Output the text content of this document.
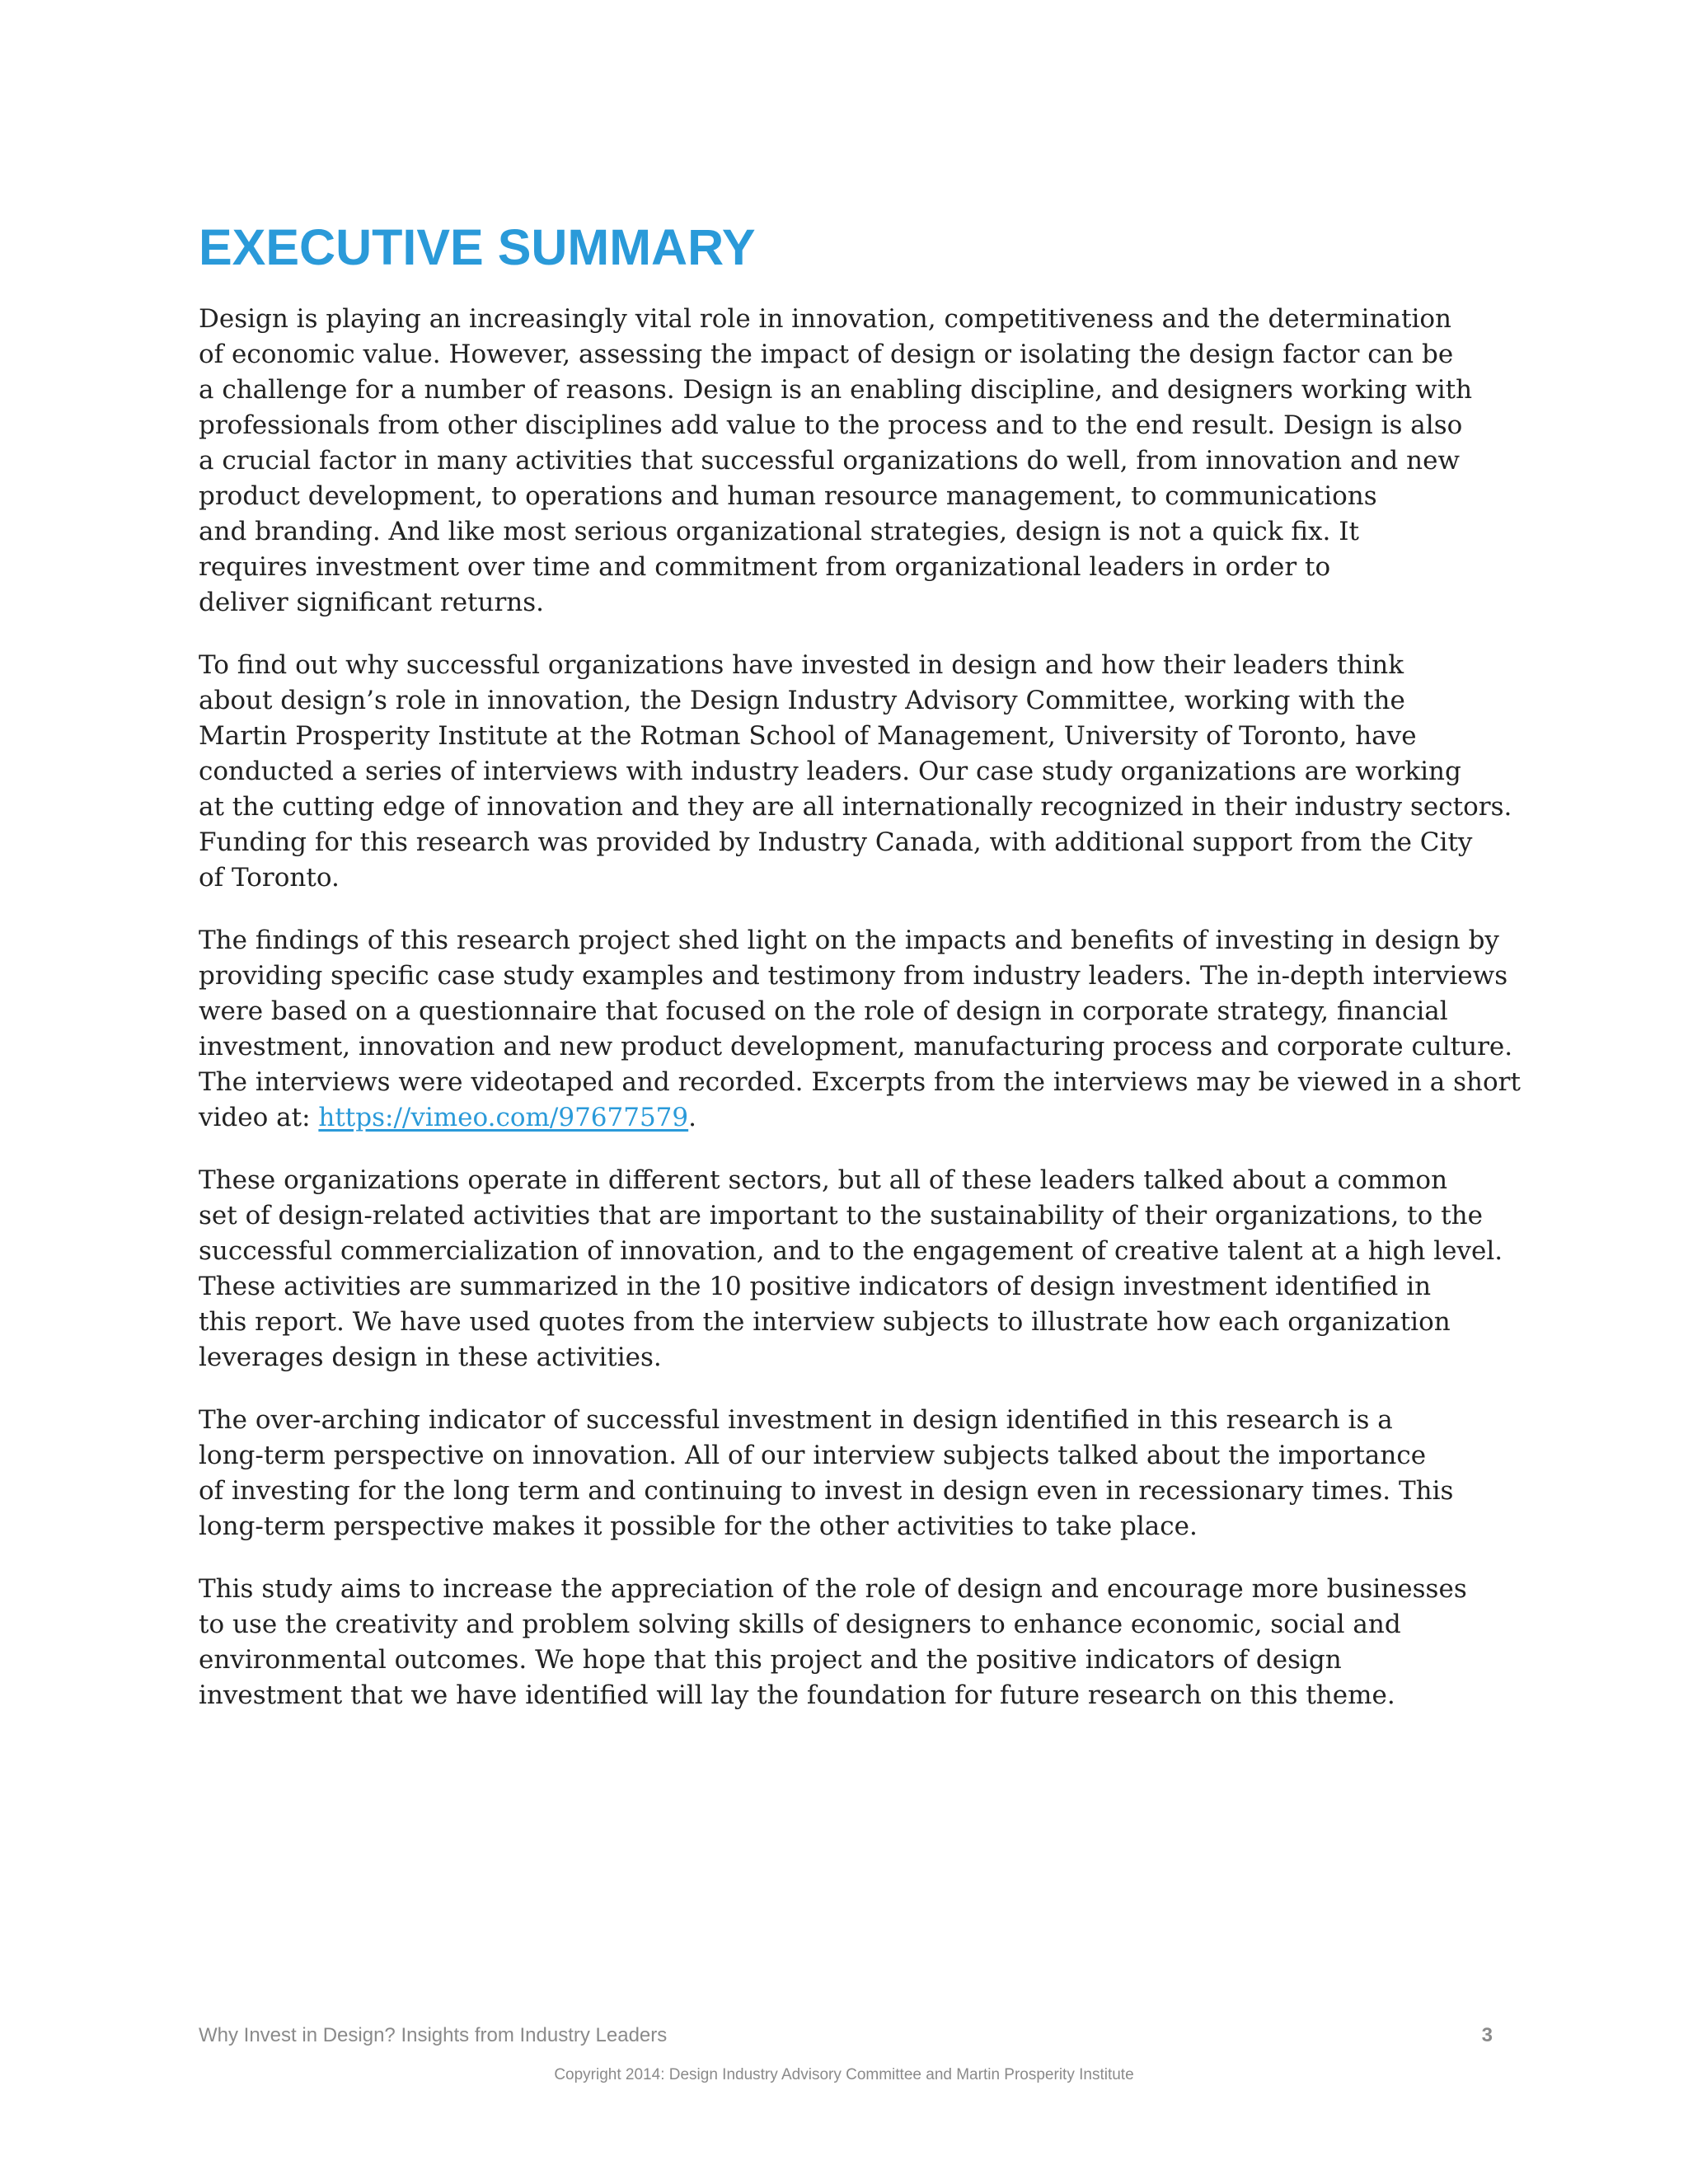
EXECUTIVE SUMMARY

Design is playing an increasingly vital role in innovation, competitiveness and the determination
of economic value. However, assessing the impact of design or isolating the design factor can be
a challenge for a number of reasons. Design is an enabling discipline, and designers working with
professionals from other disciplines add value to the process and to the end result. Design is also
a crucial factor in many activities that successful organizations do well, from innovation and new
product development, to operations and human resource management, to communications
and branding. And like most serious organizational strategies, design is not a quick fix. It
requires investment over time and commitment from organizational leaders in order to
deliver significant returns.

To find out why successful organizations have invested in design and how their leaders think
about design’s role in innovation, the Design Industry Advisory Committee, working with the
Martin Prosperity Institute at the Rotman School of Management, University of Toronto, have
conducted a series of interviews with industry leaders. Our case study organizations are working
at the cutting edge of innovation and they are all internationally recognized in their industry sectors.
Funding for this research was provided by Industry Canada, with additional support from the City
of Toronto.

The findings of this research project shed light on the impacts and benefits of investing in design by
providing specific case study examples and testimony from industry leaders. The in-depth interviews
were based on a questionnaire that focused on the role of design in corporate strategy, financial
investment, innovation and new product development, manufacturing process and corporate culture.
The interviews were videotaped and recorded. Excerpts from the interviews may be viewed in a short
video at: https://vimeo.com/97677579.

These organizations operate in different sectors, but all of these leaders talked about a common
set of design-related activities that are important to the sustainability of their organizations, to the
successful commercialization of innovation, and to the engagement of creative talent at a high level.
These activities are summarized in the 10 positive indicators of design investment identified in
this report. We have used quotes from the interview subjects to illustrate how each organization
leverages design in these activities.

The over-arching indicator of successful investment in design identified in this research is a
long-term perspective on innovation. All of our interview subjects talked about the importance
of investing for the long term and continuing to invest in design even in recessionary times. This
long-term perspective makes it possible for the other activities to take place.

This study aims to increase the appreciation of the role of design and encourage more businesses
to use the creativity and problem solving skills of designers to enhance economic, social and
environmental outcomes. We hope that this project and the positive indicators of design
investment that we have identified will lay the foundation for future research on this theme.

Why Invest in Design? Insights from Industry Leaders	3
Copyright 2014: Design Industry Advisory Committee and Martin Prosperity Institute
